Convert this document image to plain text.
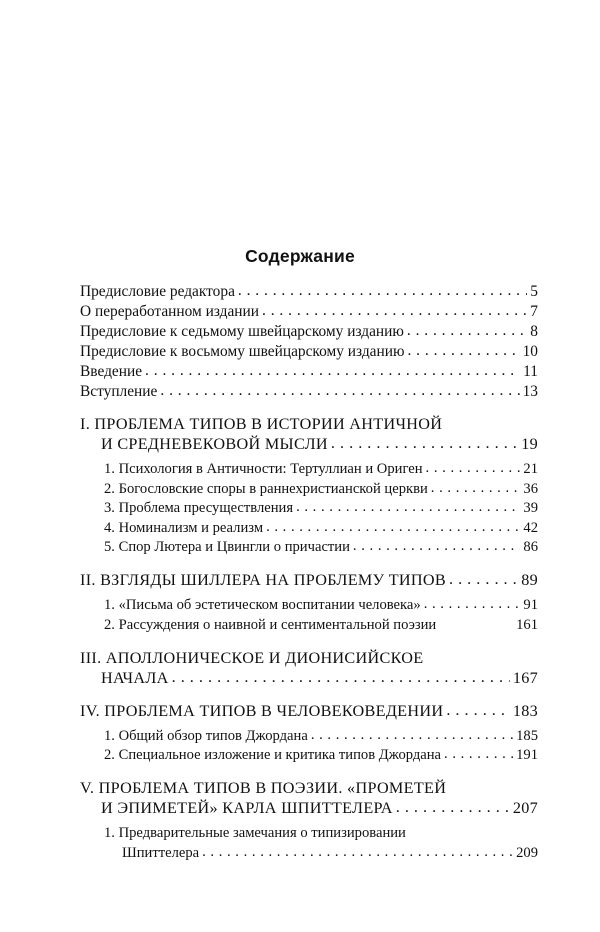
Содержание
Предисловие редактора . . .	5
О переработанном издании . . .	7
Предисловие к седьмому швейцарскому изданию . . .	8
Предисловие к восьмому швейцарскому изданию . . .	10
Введение . . .	11
Вступление . . .	13
I. ПРОБЛЕМА ТИПОВ В ИСТОРИИ АНТИЧНОЙ
И СРЕДНЕВЕКОВОЙ МЫСЛИ . . .	19
1. Психология в Античности: Тертуллиан и Ориген . . .	21
2. Богословские споры в раннехристианской церкви . . .	36
3. Проблема пресуществления . . .	39
4. Номинализм и реализм . . .	42
5. Спор Лютера и Цвингли о причастии . . .	86
II. ВЗГЛЯДЫ ШИЛЛЕРА НА ПРОБЛЕМУ ТИПОВ . . .	89
1. «Письма об эстетическом воспитании человека» . . .	91
2. Рассуждения о наивной и сентиментальной поэзии	161
III. АПОЛЛОНИЧЕСКОЕ И ДИОНИСИЙСКОЕ
НАЧАЛА . . .	167
IV. ПРОБЛЕМА ТИПОВ В ЧЕЛОВЕКОВЕДЕНИИ . . .	183
1. Общий обзор типов Джордана . . .	185
2. Специальное изложение и критика типов Джордана . . .	191
V. ПРОБЛЕМА ТИПОВ В ПОЭЗИИ. «ПРОМЕТЕЙ
И ЭПИМЕТЕЙ» КАРЛА ШПИТТЕЛЕРА . . .	207
1. Предварительные замечания о типизировании
Шпиттелера . . .	209
